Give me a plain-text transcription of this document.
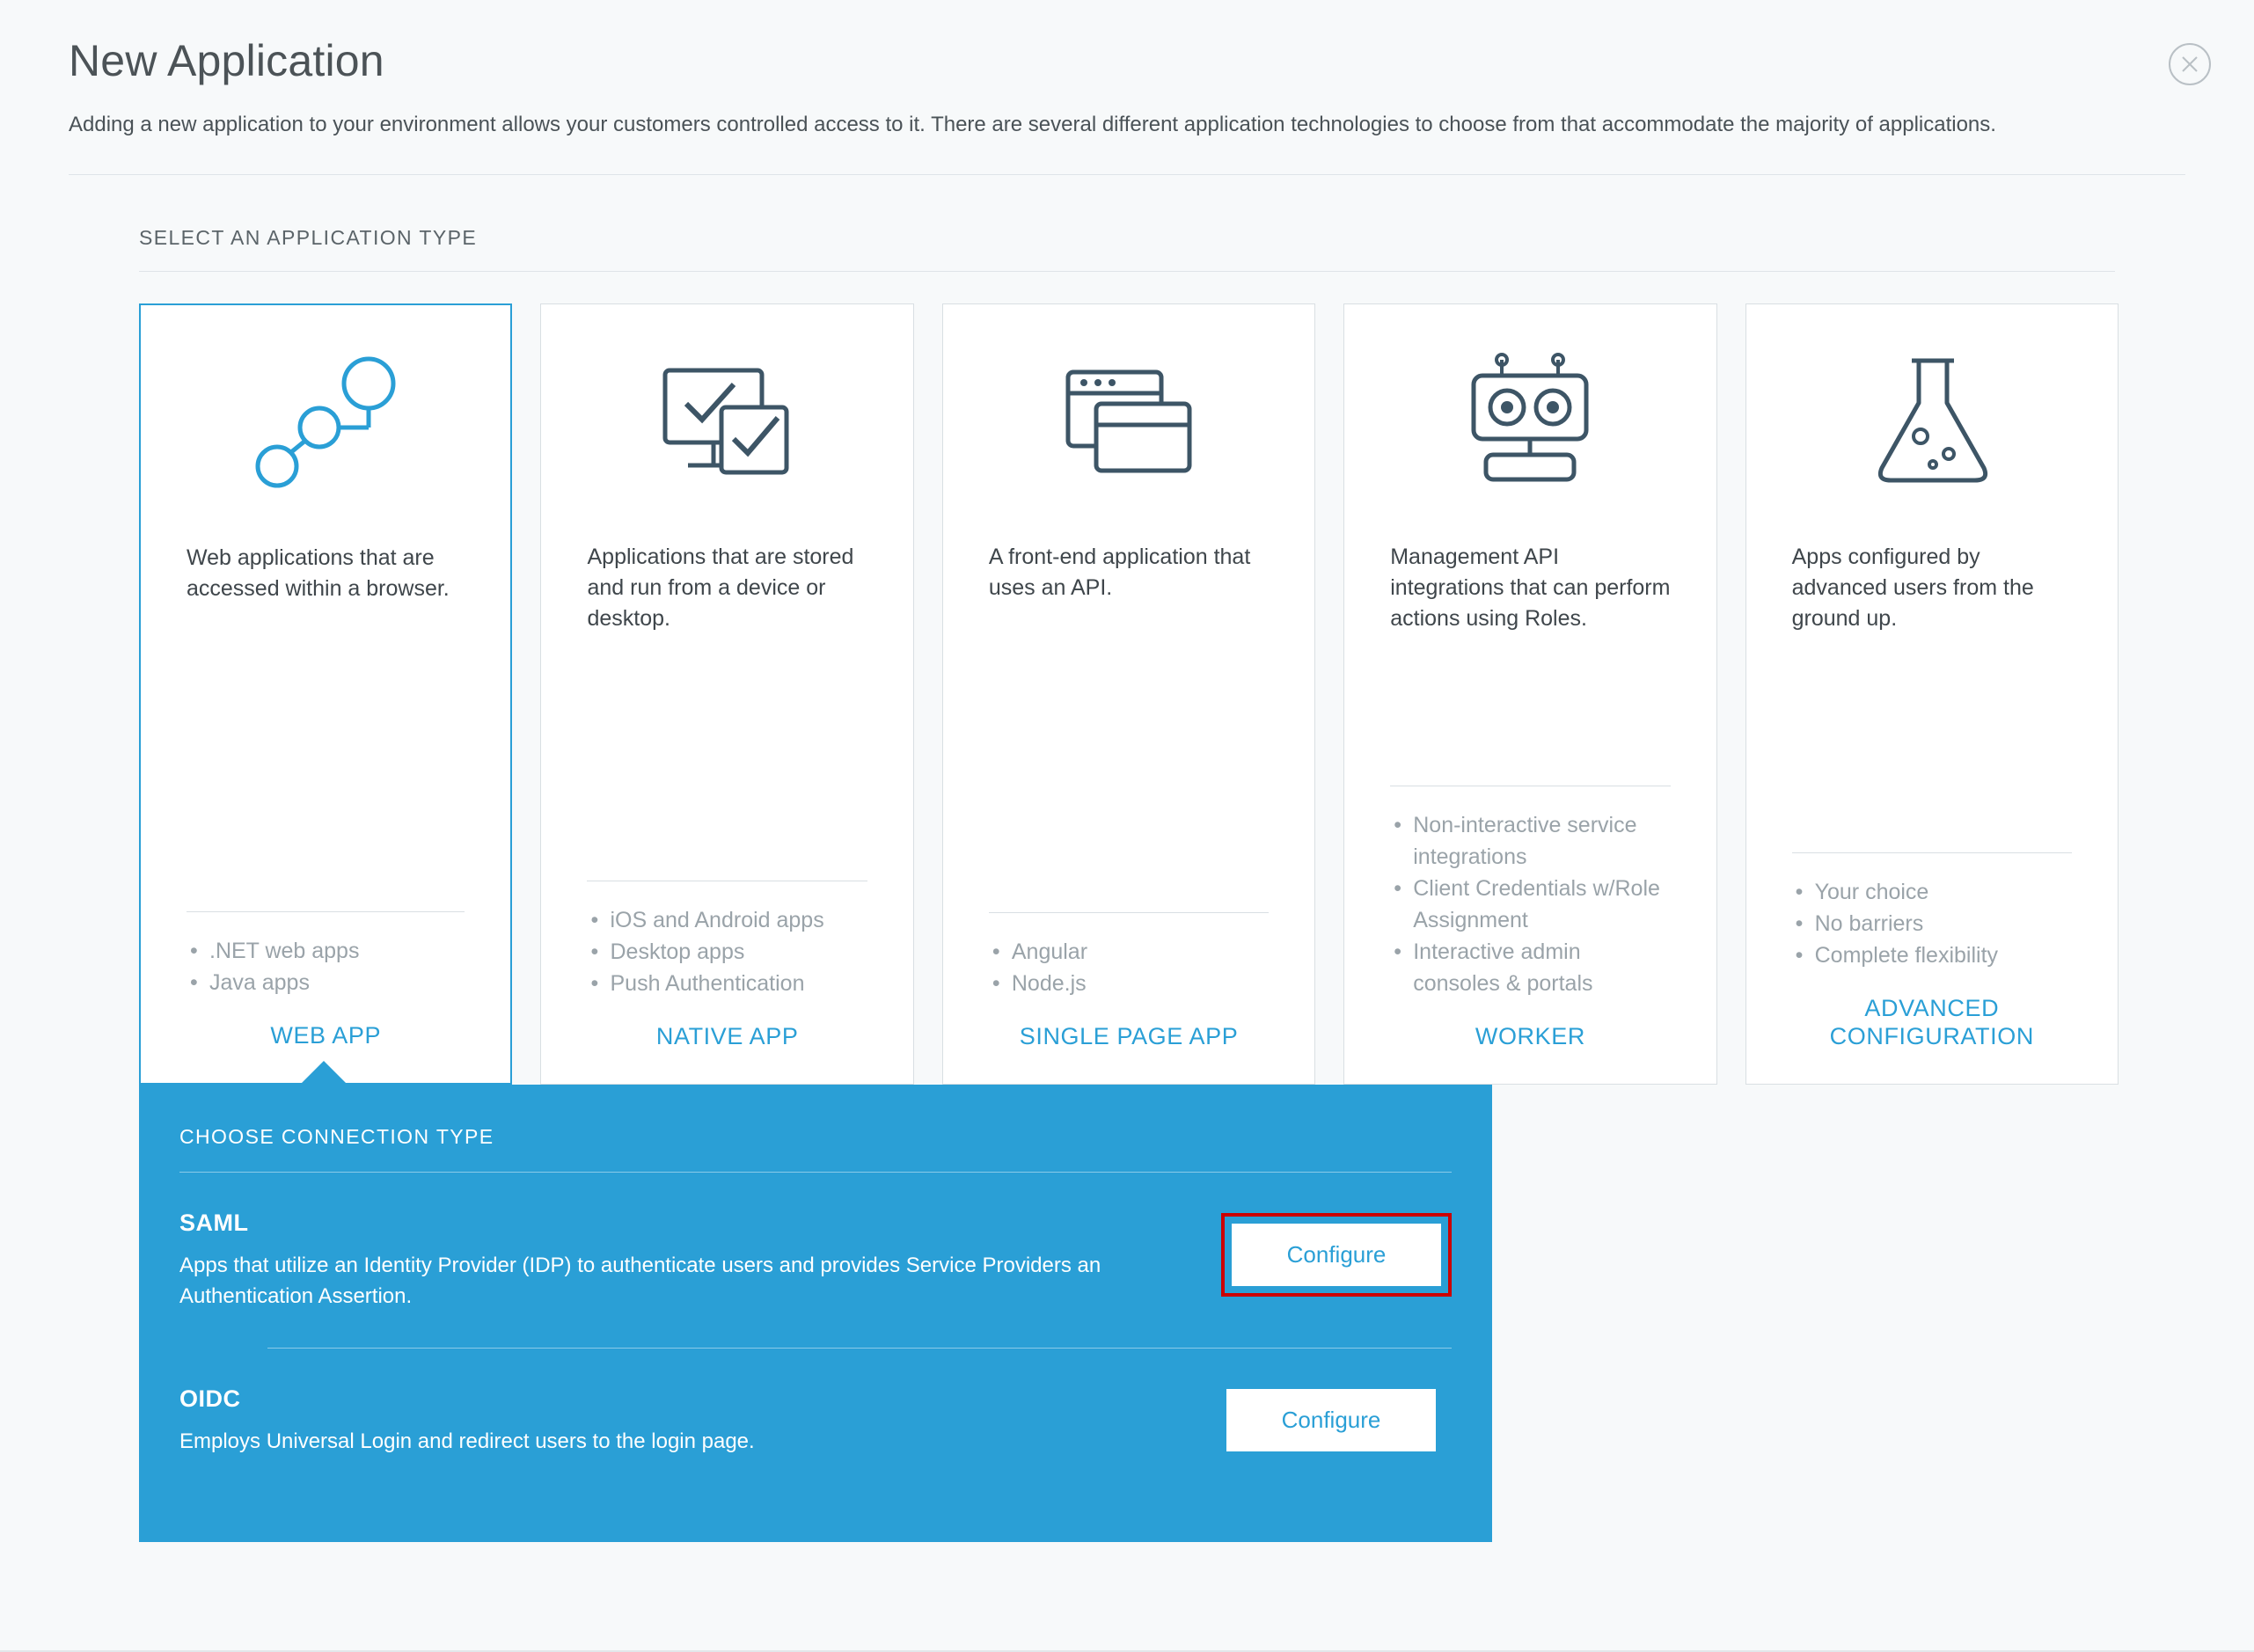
New Application

Adding a new application to your environment allows your customers controlled access to it. There are several different application technologies to choose from that accommodate the majority of applications.

SELECT AN APPLICATION TYPE
Web applications that are accessed within a browser.
• .NET web apps
• Java apps
WEB APP
Applications that are stored and run from a device or desktop.
• iOS and Android apps
• Desktop apps
• Push Authentication
NATIVE APP
A front-end application that uses an API.
• Angular
• Node.js
SINGLE PAGE APP
Management API integrations that can perform actions using Roles.
• Non-interactive service integrations
• Client Credentials w/Role Assignment
• Interactive admin consoles & portals
WORKER
Apps configured by advanced users from the ground up.
• Your choice
• No barriers
• Complete flexibility
ADVANCED CONFIGURATION
CHOOSE CONNECTION TYPE
SAML

Apps that utilize an Identity Provider (IDP) to authenticate users and provides Service Providers an Authentication Assertion.

Configure
OIDC

Employs Universal Login and redirect users to the login page.

Configure
